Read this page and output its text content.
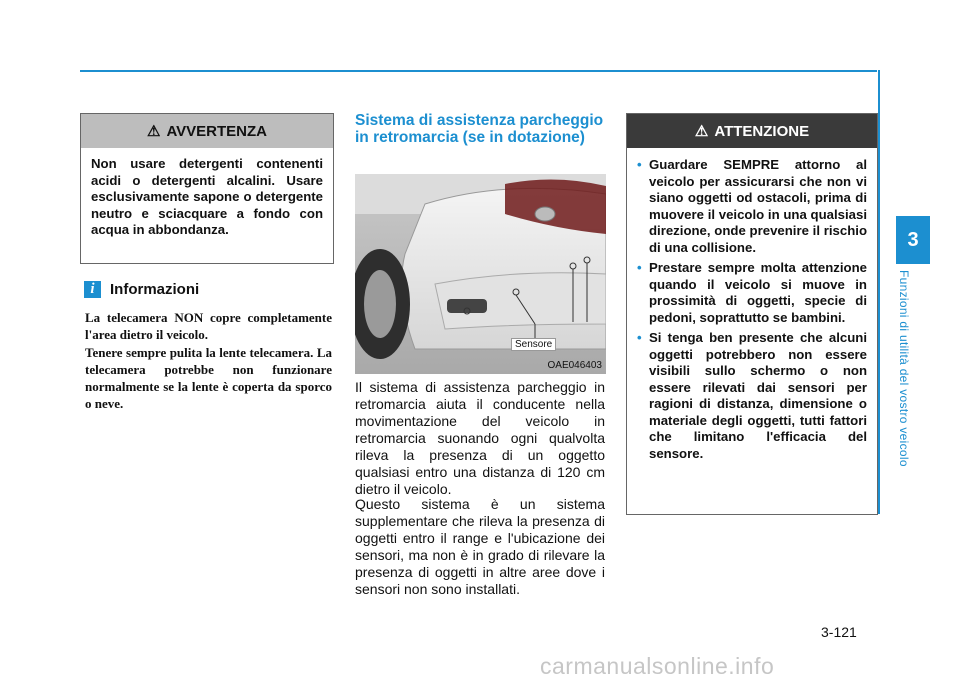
3
Funzioni di utilità del vostro veicolo
⚠ AVVERTENZA
Non usare detergenti contenenti acidi o detergenti alcalini. Usare esclusivamente sapone o detergente neutro e sciacquare a fondo con acqua in abbondanza.
i	Informazioni

La telecamera NON copre completamente l'area dietro il veicolo.

Tenere sempre pulita la lente telecamera. La telecamera potrebbe non funzionare normalmente se la lente è coperta da sporco o neve.

Sistema di assistenza parcheggio in retromarcia (se in dotazione)
Sensore
OAE046403

Il sistema di assistenza parcheggio in retromarcia aiuta il conducente nella movimentazione del veicolo in retromarcia suonando ogni qualvolta rileva la presenza di un oggetto qualsiasi entro una distanza di 120 cm dietro il veicolo.

Questo sistema è un sistema supplementare che rileva la presenza di oggetti entro il range e l'ubicazione dei sensori, ma non è in grado di rilevare la presenza di oggetti in altre aree dove i sensori non sono installati.

⚠ ATTENZIONE
• Guardare SEMPRE attorno al veicolo per assicurarsi che non vi siano oggetti od ostacoli, prima di muovere il veicolo in una qualsiasi direzione, onde prevenire il rischio di una collisione.
• Prestare sempre molta attenzione quando il veicolo si muove in prossimità di oggetti, specie di pedoni, soprattutto se bambini.
• Si tenga ben presente che alcuni oggetti potrebbero non essere visibili sullo schermo o non essere rilevati dai sensori per ragioni di distanza, dimensione o materiale degli oggetti, tutti fattori che limitano l'efficacia del sensore.
3-121
carmanualsonline.info
